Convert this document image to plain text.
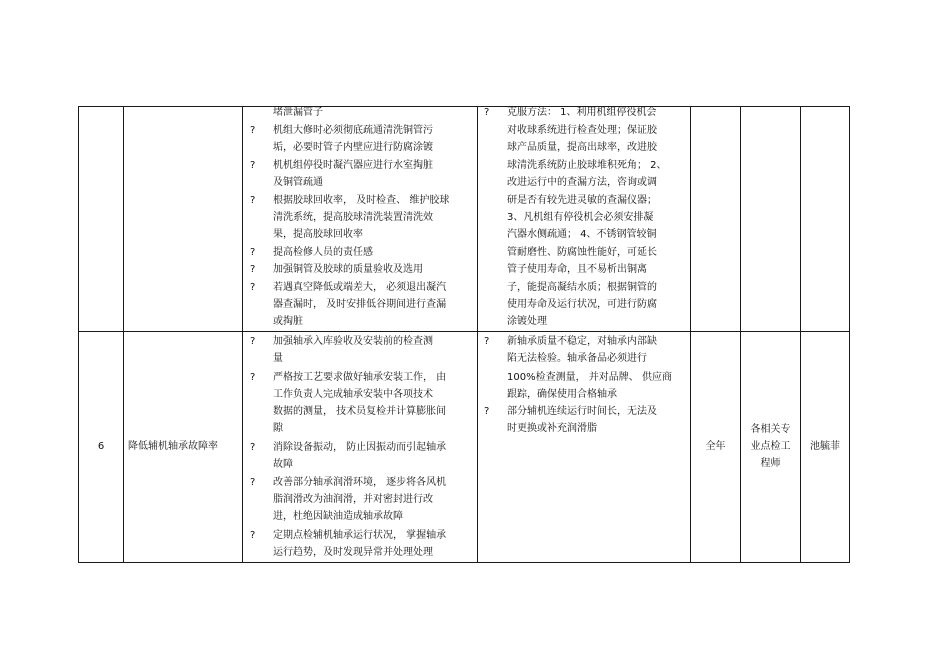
堵泄漏管子
? 机组大修时必须彻底疏通清洗铜管污
垢，必要时管子内壁应进行防腐涂镀
? 机机组停役时凝汽器应进行水室掏脏
及铜管疏通
? 根据胶球回收率， 及时检查、 维护胶球
清洗系统，提高胶球清洗装置清洗效
果，提高胶球回收率
? 提高检修人员的责任感
? 加强铜管及胶球的质量验收及选用
? 若遇真空降低或端差大， 必须退出凝汽
器查漏时， 及时安排低谷期间进行查漏
或掏脏
? 克服方法： 1、利用机组停役机会
对收球系统进行检查处理；保证胶
球产品质量，提高出球率，改进胶
球清洗系统防止胶球堆积死角； 2、
改进运行中的查漏方法，咨询或调
研是否有较先进灵敏的查漏仪器；
3、凡机组有停役机会必须安排凝
汽器水侧疏通； 4、不锈钢管较铜
管耐磨性、防腐蚀性能好，可延长
管子使用寿命，且不易析出铜离
子，能提高凝结水质；根据铜管的
使用寿命及运行状况，可进行防腐
涂镀处理
6	降低辅机轴承故障率
? 加强轴承入库验收及安装前的检查测
量
? 严格按工艺要求做好轴承安装工作， 由
工作负责人完成轴承安装中各项技术
数据的测量， 技术员复检并计算膨胀间
隙
? 消除设备振动， 防止因振动而引起轴承
故障
? 改善部分轴承润滑环境， 逐步将各风机
脂润滑改为油润滑，并对密封进行改
进，杜绝因缺油造成轴承故障
? 定期点检辅机轴承运行状况， 掌握轴承
运行趋势，及时发现异常并处理处理
? 新轴承质量不稳定，对轴承内部缺
陷无法检验。轴承备品必须进行
100%检查测量， 并对品牌、 供应商
跟踪，确保使用合格轴承
? 部分辅机连续运行时间长，无法及
时更换或补充润滑脂
全年
各相关专
业点检工
程师
池毓菲
